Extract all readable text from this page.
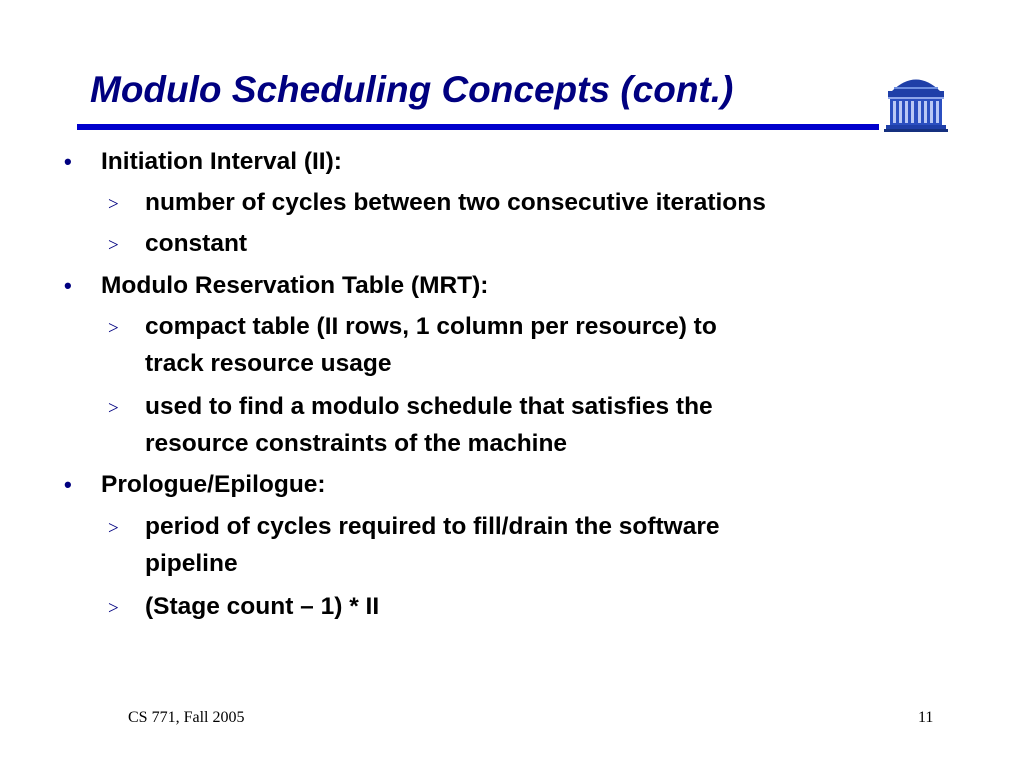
Modulo Scheduling Concepts (cont.)
• Initiation Interval (II):
> number of cycles between two consecutive iterations
> constant
• Modulo Reservation Table (MRT):
> compact table (II rows, 1 column per resource) to
track resource usage
> used to find a modulo schedule that satisfies the
resource constraints of the machine
• Prologue/Epilogue:
> period of cycles required to fill/drain the software
pipeline
> (Stage count – 1) * II
CS 771, Fall 2005	11
